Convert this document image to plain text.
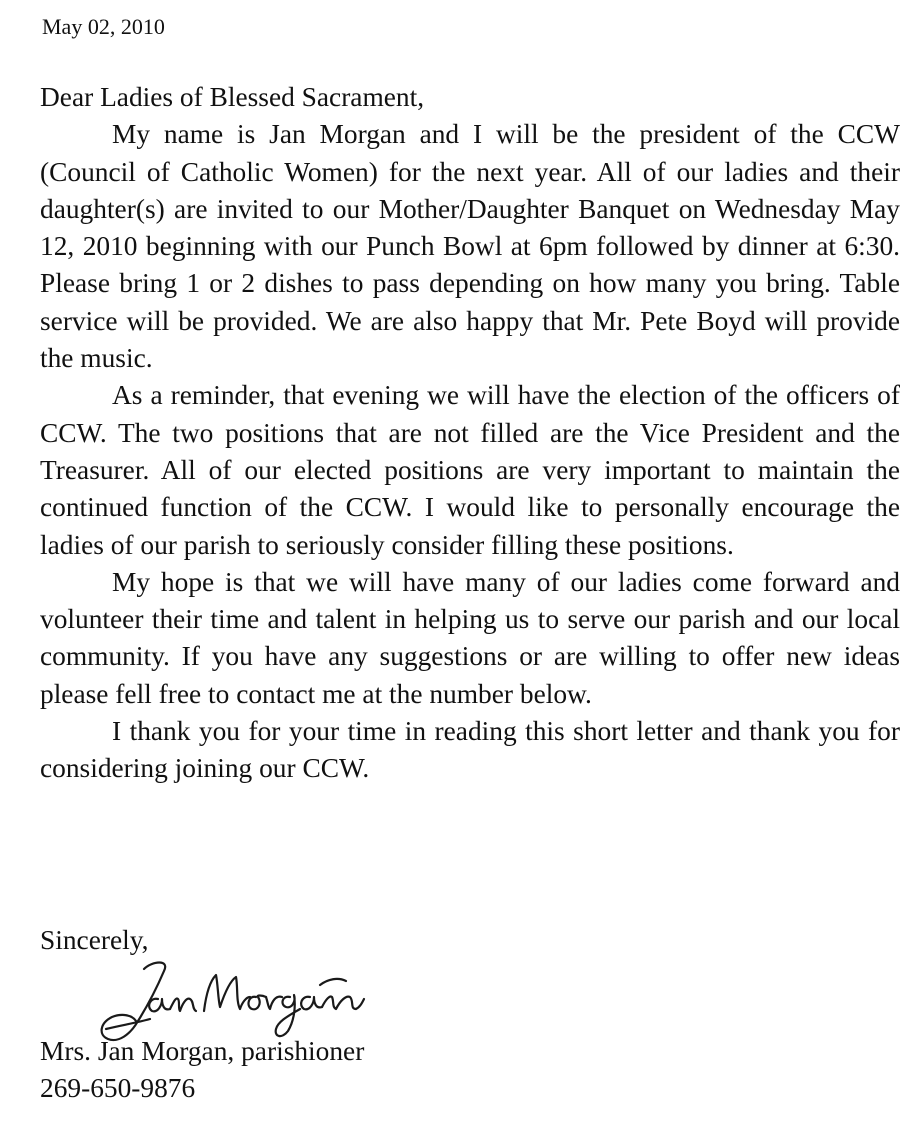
May 02, 2010

Dear Ladies of Blessed Sacrament,

My name is Jan Morgan and I will be the president of the CCW (Council of Catholic Women) for the next year. All of our ladies and their daughter(s) are invited to our Mother/Daughter Banquet on Wednesday May 12, 2010 beginning with our Punch Bowl at 6pm followed by dinner at 6:30. Please bring 1 or 2 dishes to pass depending on how many you bring. Table service will be provided. We are also happy that Mr. Pete Boyd will provide the music.

As a reminder, that evening we will have the election of the officers of CCW. The two positions that are not filled are the Vice President and the Treasurer. All of our elected positions are very important to maintain the continued function of the CCW. I would like to personally encourage the ladies of our parish to seriously consider filling these positions.

My hope is that we will have many of our ladies come forward and volunteer their time and talent in helping us to serve our parish and our local community. If you have any suggestions or are willing to offer new ideas please fell free to contact me at the number below.

I thank you for your time in reading this short letter and thank you for considering joining our CCW.

Sincerely,

Mrs. Jan Morgan, parishioner

269-650-9876
